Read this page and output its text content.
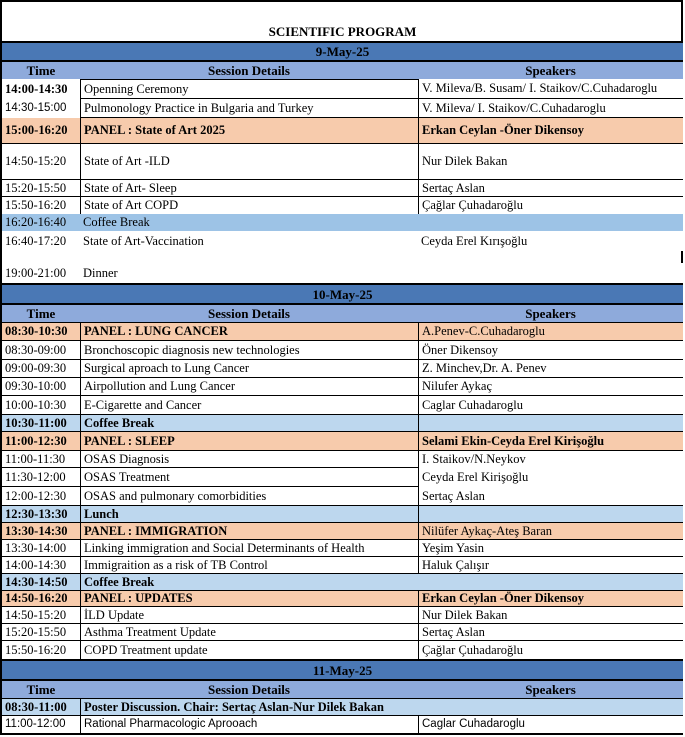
SCIENTIFIC PROGRAM
9-May-25
Time	Session Details	Speakers
14:00-14:30	Openning Ceremony	V. Mileva/B. Susam/ I. Staikov/C.Cuhadaroglu
14:30-15:00	Pulmonology Practice in Bulgaria and Turkey	V. Mileva/ I. Staikov/C.Cuhadaroglu
15:00-16:20	PANEL : State of Art 2025	Erkan Ceylan -Öner Dikensoy
14:50-15:20	State of Art -ILD	Nur Dilek Bakan
15:20-15:50	State of Art- Sleep	Sertaç Aslan
15:50-16:20	State of Art COPD	Çağlar Çuhadaroğlu
16:20-16:40	Coffee Break
16:40-17:20	State of Art-Vaccination	Ceyda Erel Kırışoğlu
19:00-21:00	Dinner
10-May-25
Time	Session Details	Speakers
08:30-10:30	PANEL : LUNG CANCER	A.Penev-C.Cuhadaroglu
08:30-09:00	Bronchoscopic diagnosis new technologies	Öner Dikensoy
09:00-09:30	Surgical aproach to Lung Cancer	Z. Minchev,Dr. A. Penev
09:30-10:00	Airpollution and Lung Cancer	Nilufer Aykaç
10:00-10:30	E-Cigarette and Cancer	Caglar Cuhadaroglu
10:30-11:00	Coffee Break
11:00-12:30	PANEL : SLEEP	Selami Ekin-Ceyda Erel Kirişoğlu
11:00-11:30	OSAS Diagnosis	I. Staikov/N.Neykov
11:30-12:00	OSAS Treatment	Ceyda Erel Kirişoğlu
12:00-12:30	OSAS and pulmonary comorbidities	Sertaç Aslan
12:30-13:30	Lunch
13:30-14:30	PANEL : IMMIGRATION	Nilüfer Aykaç-Ateş Baran
13:30-14:00	Linking immigration and Social Determinants of Health	Yeşim Yasin
14:00-14:30	Immigraition as a risk of TB Control	Haluk Çalışır
14:30-14:50	Coffee Break
14:50-16:20	PANEL : UPDATES	Erkan Ceylan -Öner Dikensoy
14:50-15:20	İLD Update	Nur Dilek Bakan
15:20-15:50	Asthma Treatment Update	Sertaç Aslan
15:50-16:20	COPD Treatment update	Çağlar Çuhadaroğlu
11-May-25
Time	Session Details	Speakers
08:30-11:00	Poster Discussion. Chair: Sertaç Aslan-Nur Dilek Bakan
11:00-12:00	Rational Pharmacologic Aprooach	Caglar Cuhadaroglu
